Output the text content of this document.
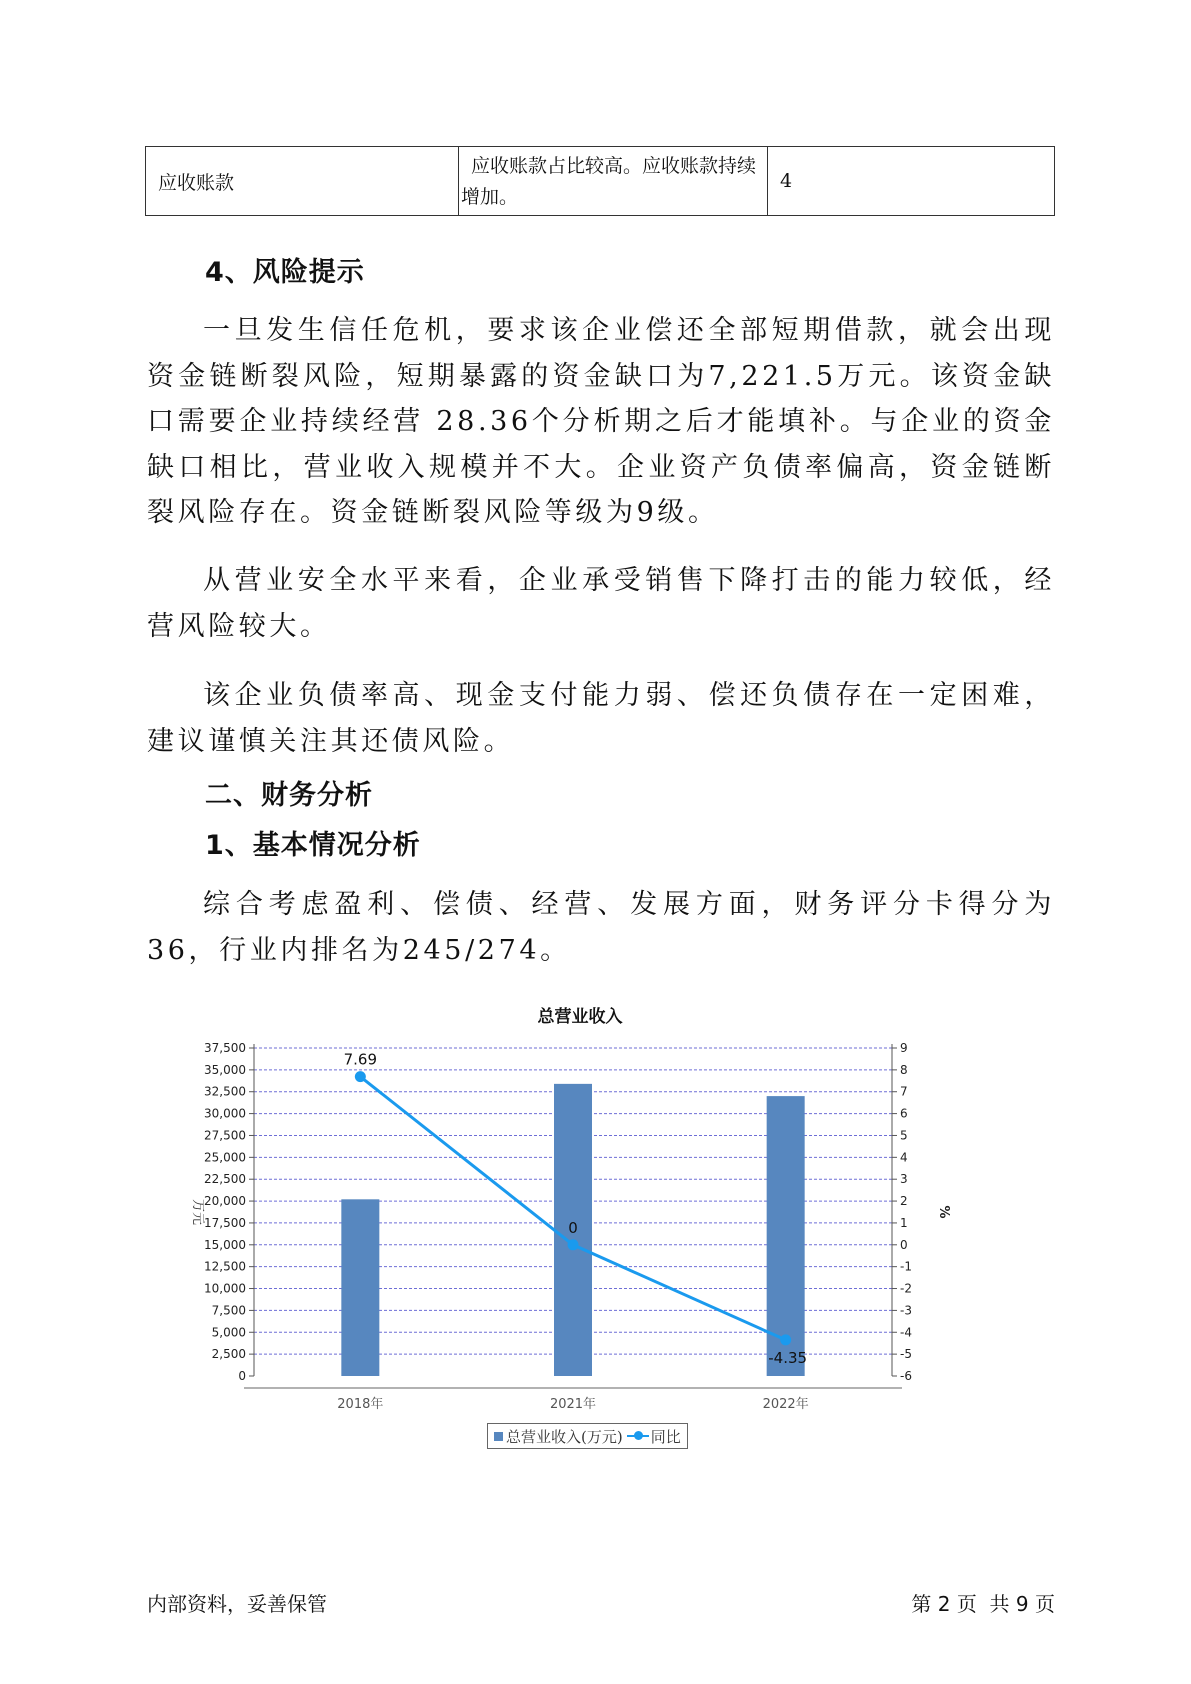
应收账款	应收账款占比较高。应收账款持续增加。	4
4、风险提示

一旦发生信任危机，要求该企业偿还全部短期借款，就会出现资金链断裂风险，短期暴露的资金缺口为7,221.5万元。该资金缺口需要企业持续经营 28.36个分析期之后才能填补。与企业的资金缺口相比，营业收入规模并不大。企业资产负债率偏高，资金链断裂风险存在。资金链断裂风险等级为9级。

从营业安全水平来看，企业承受销售下降打击的能力较低，经营风险较大。

该企业负债率高、现金支付能力弱、偿还负债存在一定困难，建议谨慎关注其还债风险。

二、财务分析
1、基本情况分析

综合考虑盈利、偿债、经营、发展方面，财务评分卡得分为36，行业内排名为245/274。

总营业收入
0
2,500
5,000
7,500
10,000
12,500
15,000
17,500
20,000
22,500
25,000
27,500
30,000
32,500
35,000
37,500
-6
-5
-4
-3
-2
-1
0
1
2
3
4
5
6
7
8
9
万元	%
2018年	2021年	2022年
7.69
0
-4.35
总营业收入(万元) 同比
内部资料，妥善保管	第 2 页  共 9 页
